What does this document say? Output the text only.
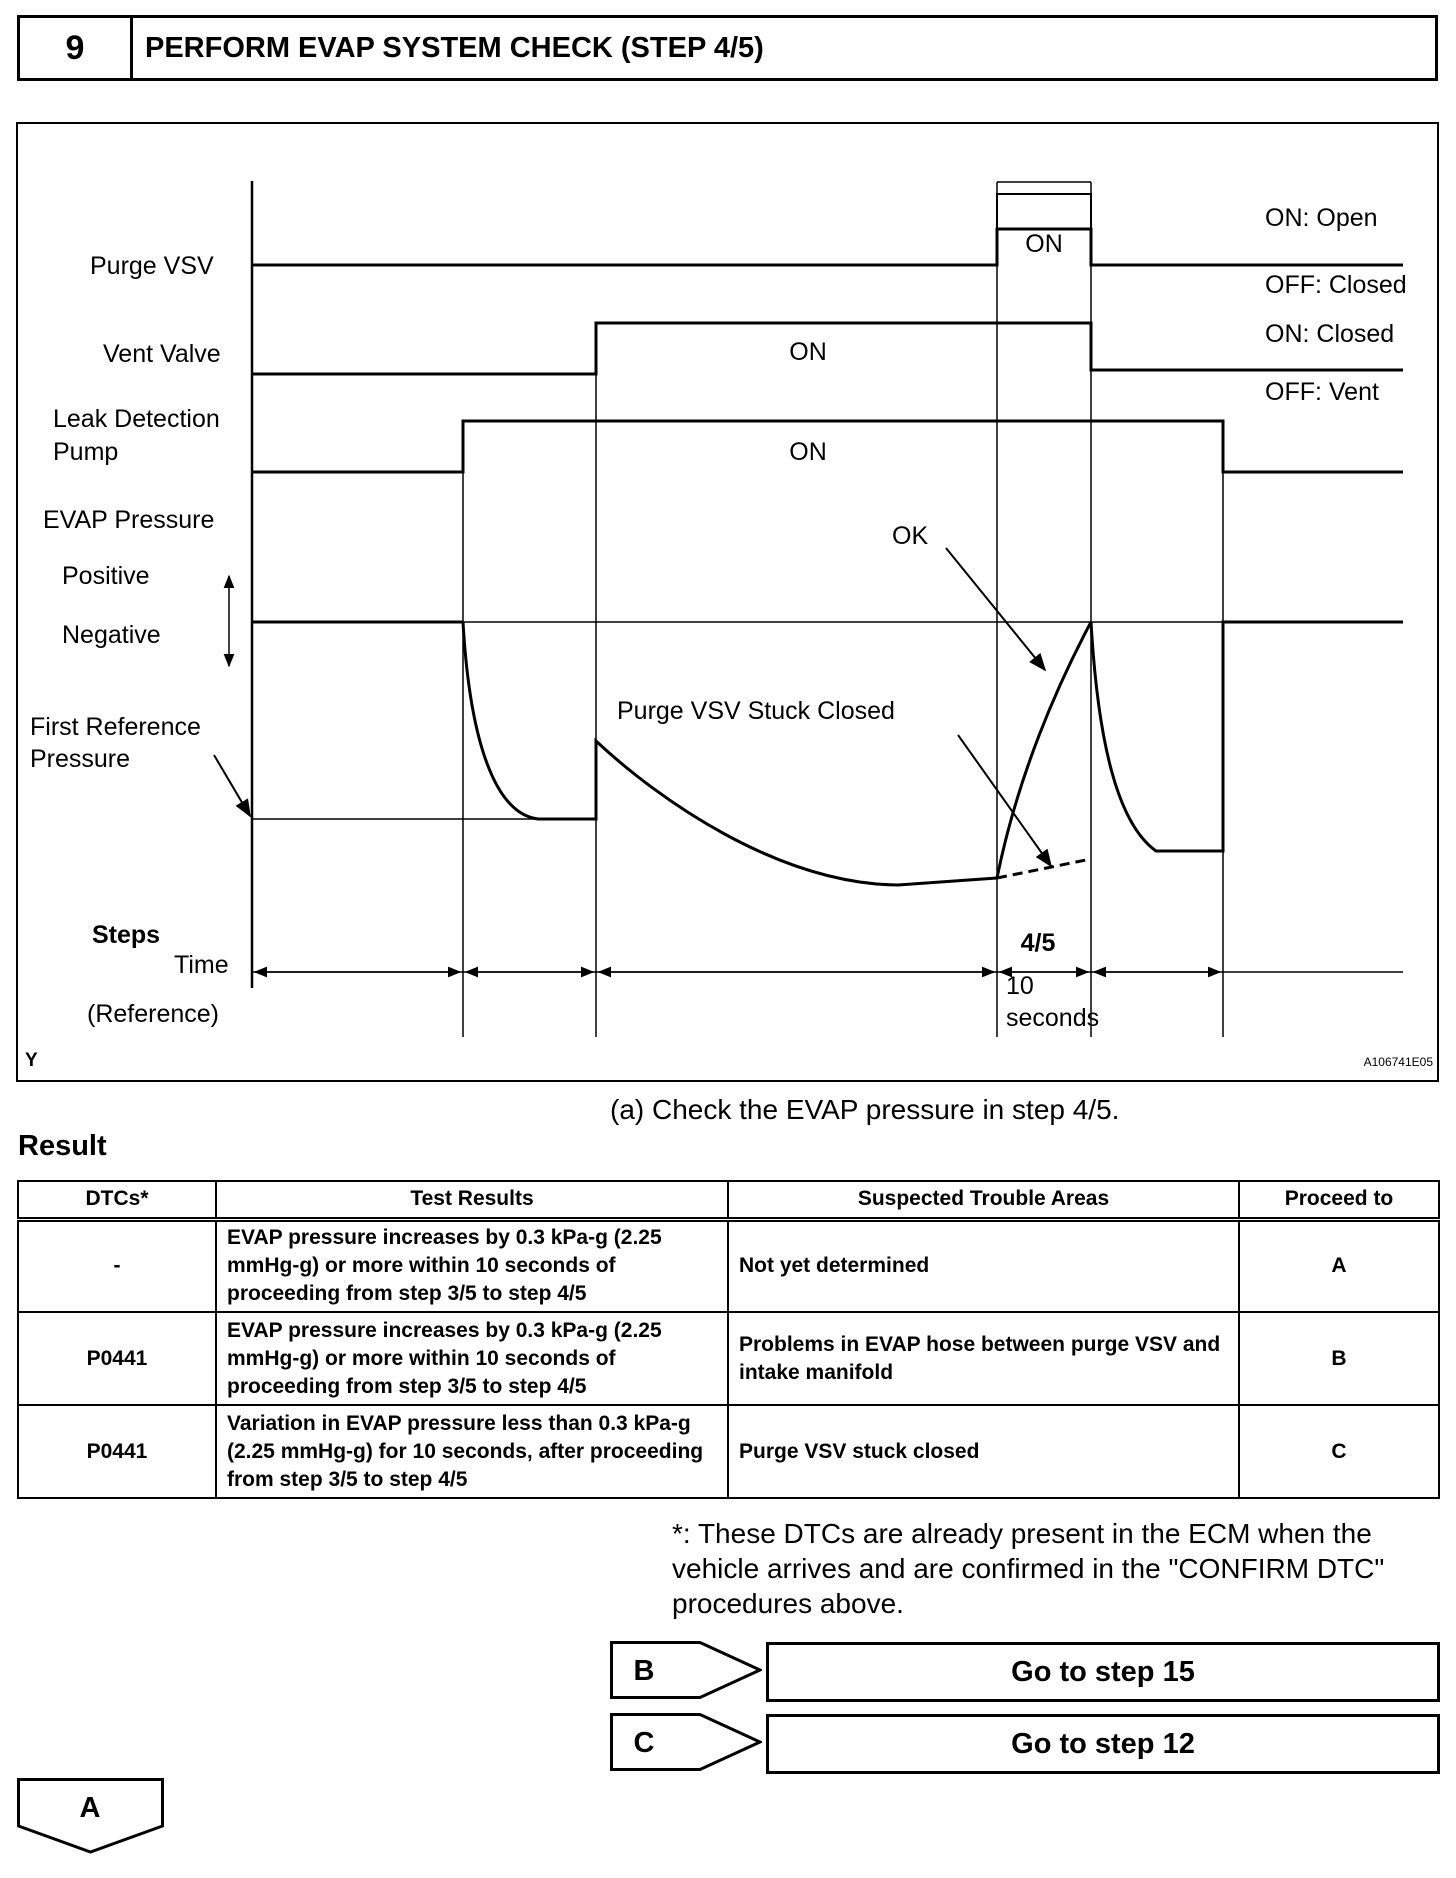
9	PERFORM EVAP SYSTEM CHECK (STEP 4/5)
Purge VSV
Vent Valve
Leak Detection
Pump
EVAP Pressure
Positive
Negative
First Reference
Pressure
Steps
Time
(Reference)
ON
ON
ON
ON: Open
OFF: Closed
ON: Closed
OFF: Vent
OK
Purge VSV Stuck Closed
4/5
10
seconds
Y	A106741E05
(a) Check the EVAP pressure in step 4/5.
Result
DTCs*	Test Results	Suspected Trouble Areas	Proceed to
-	EVAP pressure increases by 0.3 kPa-g (2.25 mmHg-g) or more within 10 seconds of proceeding from step 3/5 to step 4/5	Not yet determined	A
P0441	EVAP pressure increases by 0.3 kPa-g (2.25 mmHg-g) or more within 10 seconds of proceeding from step 3/5 to step 4/5	Problems in EVAP hose between purge VSV and intake manifold	B
P0441	Variation in EVAP pressure less than 0.3 kPa-g (2.25 mmHg-g) for 10 seconds, after proceeding from step 3/5 to step 4/5	Purge VSV stuck closed	C
*: These DTCs are already present in the ECM when the vehicle arrives and are confirmed in the "CONFIRM DTC" procedures above.
B	Go to step 15
C	Go to step 12
A
